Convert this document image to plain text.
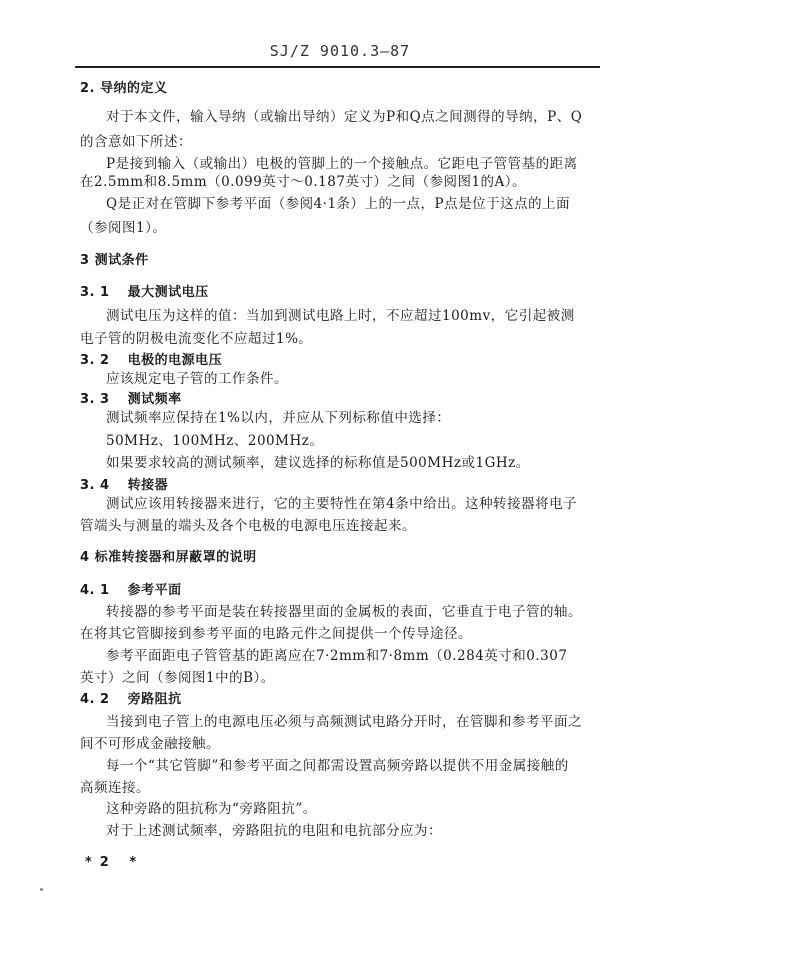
SJ/Z 9010.3—87
2. 导纳的定义
对于本文件，输入导纳（或输出导纳）定义为P和Q点之间测得的导纳，P、Q
的含意如下所述：
P是接到输入（或输出）电极的管脚上的一个接触点。它距电子管管基的距离
在2.5mm和8.5mm（0.099英寸～0.187英寸）之间（参阅图1的A）。
Q是正对在管脚下参考平面（参阅4·1条）上的一点，P点是位于这点的上面
（参阅图1）。
3 测试条件
3. 1 最大测试电压
测试电压为这样的值：当加到测试电路上时，不应超过100mv，它引起被测
电子管的阴极电流变化不应超过1%。
3. 2 电极的电源电压
应该规定电子管的工作条件。
3. 3 测试频率
测试频率应保持在1%以内，并应从下列标称值中选择：
50MHz、100MHz、200MHz。
如果要求较高的测试频率，建议选择的标称值是500MHz或1GHz。
3. 4 转接器
测试应该用转接器来进行，它的主要特性在第4条中给出。这种转接器将电子
管端头与测量的端头及各个电极的电源电压连接起来。
4 标准转接器和屏蔽罩的说明
4. 1 参考平面
转接器的参考平面是装在转接器里面的金属板的表面，它垂直于电子管的轴。
在将其它管脚接到参考平面的电路元件之间提供一个传导途径。
参考平面距电子管管基的距离应在7·2mm和7·8mm（0.284英寸和0.307
英寸）之间（参阅图1中的B）。
4. 2 旁路阻抗
当接到电子管上的电源电压必须与高频测试电路分开时，在管脚和参考平面之
间不可形成金融接触。
每一个“其它管脚”和参考平面之间都需设置高频旁路以提供不用金属接触的
高频连接。
这种旁路的阻抗称为“旁路阻抗”。
对于上述测试频率，旁路阻抗的电阻和电抗部分应为：
*2 *
